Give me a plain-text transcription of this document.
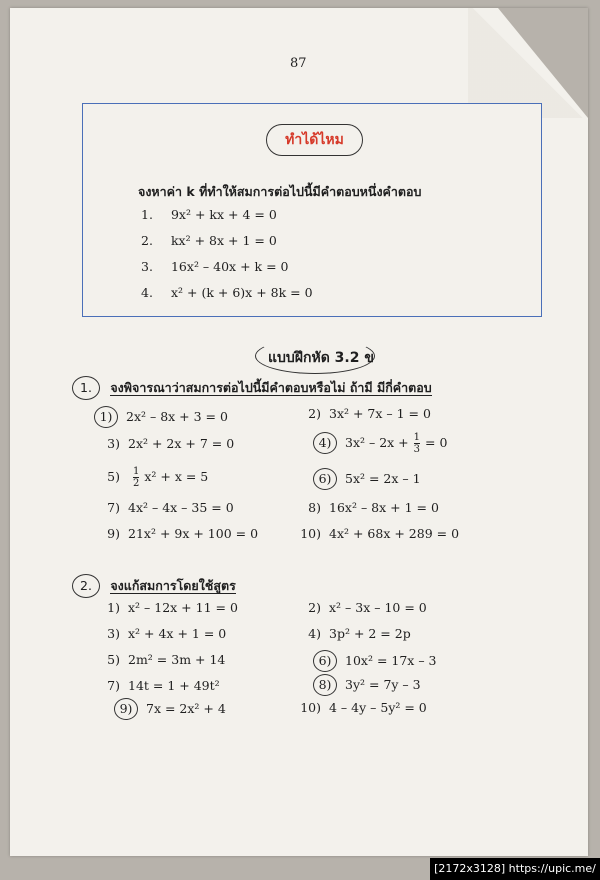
87
ทำได้ไหม
จงหาค่า k ที่ทำให้สมการต่อไปนี้มีคำตอบหนึ่งคำตอบ
1. 9x² + kx + 4 = 0
2. kx² + 8x + 1 = 0
3. 16x² – 40x + k = 0
4. x² + (k + 6)x + 8k = 0
แบบฝึกหัด 3.2 ข
1. จงพิจารณาว่าสมการต่อไปนี้มีคำตอบหรือไม่ ถ้ามี มีกี่คำตอบ
1) 2x² – 8x + 3 = 0	2) 3x² + 7x – 1 = 0
3) 2x² + 2x + 7 = 0	4) $3x^2 - 2x + \frac{1}{3} = 0$
$5) \frac{1}{2} x^2 + x = 5$	6) 5x² = 2x – 1
7) 4x² – 4x – 35 = 0	8) 16x² – 8x + 1 = 0
9) 21x² + 9x + 100 = 0	10) 4x² + 68x + 289 = 0
2. จงแก้สมการโดยใช้สูตร
1) x² – 12x + 11 = 0	2) x² – 3x – 10 = 0
3) x² + 4x + 1 = 0	4) 3p² + 2 = 2p
5) 2m² = 3m + 14	6) 10x² = 17x – 3
7) 14t = 1 + 49t²	8) 3y² = 7y – 3
9) 7x = 2x² + 4	10) 4 – 4y – 5y² = 0
[2172x3128] https://upic.me/
